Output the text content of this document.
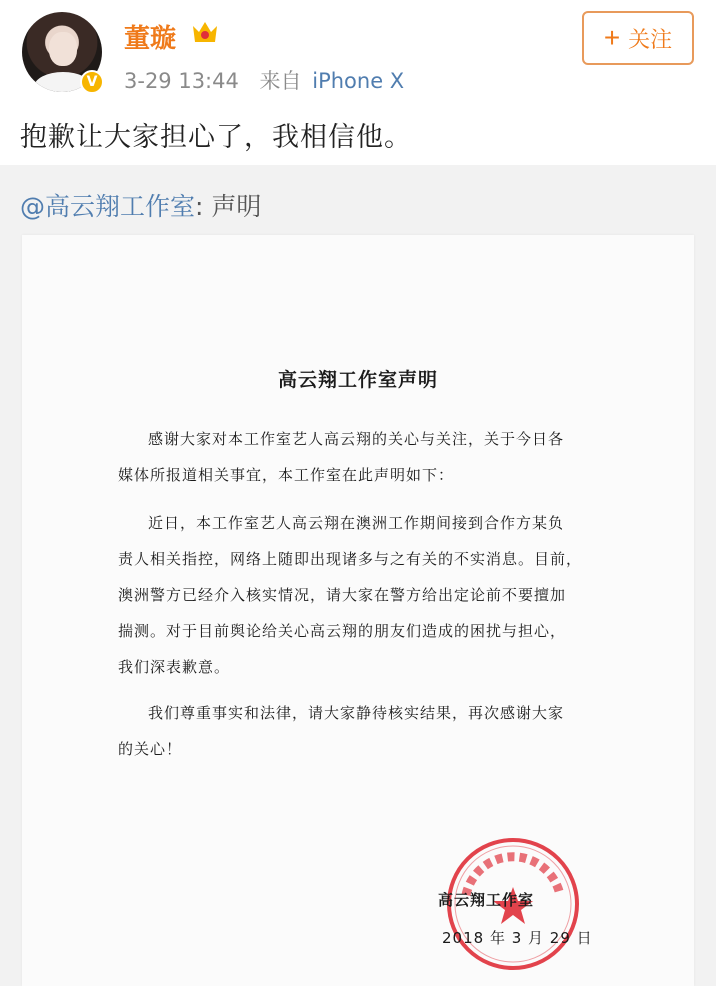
V
董璇
3-29 13:44 来自 iPhone X
+ 关注
抱歉让大家担心了，我相信他。
@高云翔工作室: 声明
高云翔工作室声明
感谢大家对本工作室艺人高云翔的关心与关注，关于今日各
媒体所报道相关事宜，本工作室在此声明如下：
近日，本工作室艺人高云翔在澳洲工作期间接到合作方某负
责人相关指控，网络上随即出现诸多与之有关的不实消息。目前，
澳洲警方已经介入核实情况，请大家在警方给出定论前不要擅加
揣测。对于目前舆论给关心高云翔的朋友们造成的困扰与担心，
我们深表歉意。
我们尊重事实和法律，请大家静待核实结果，再次感谢大家
的关心！
高云翔工作室
2018 年 3 月 29 日
